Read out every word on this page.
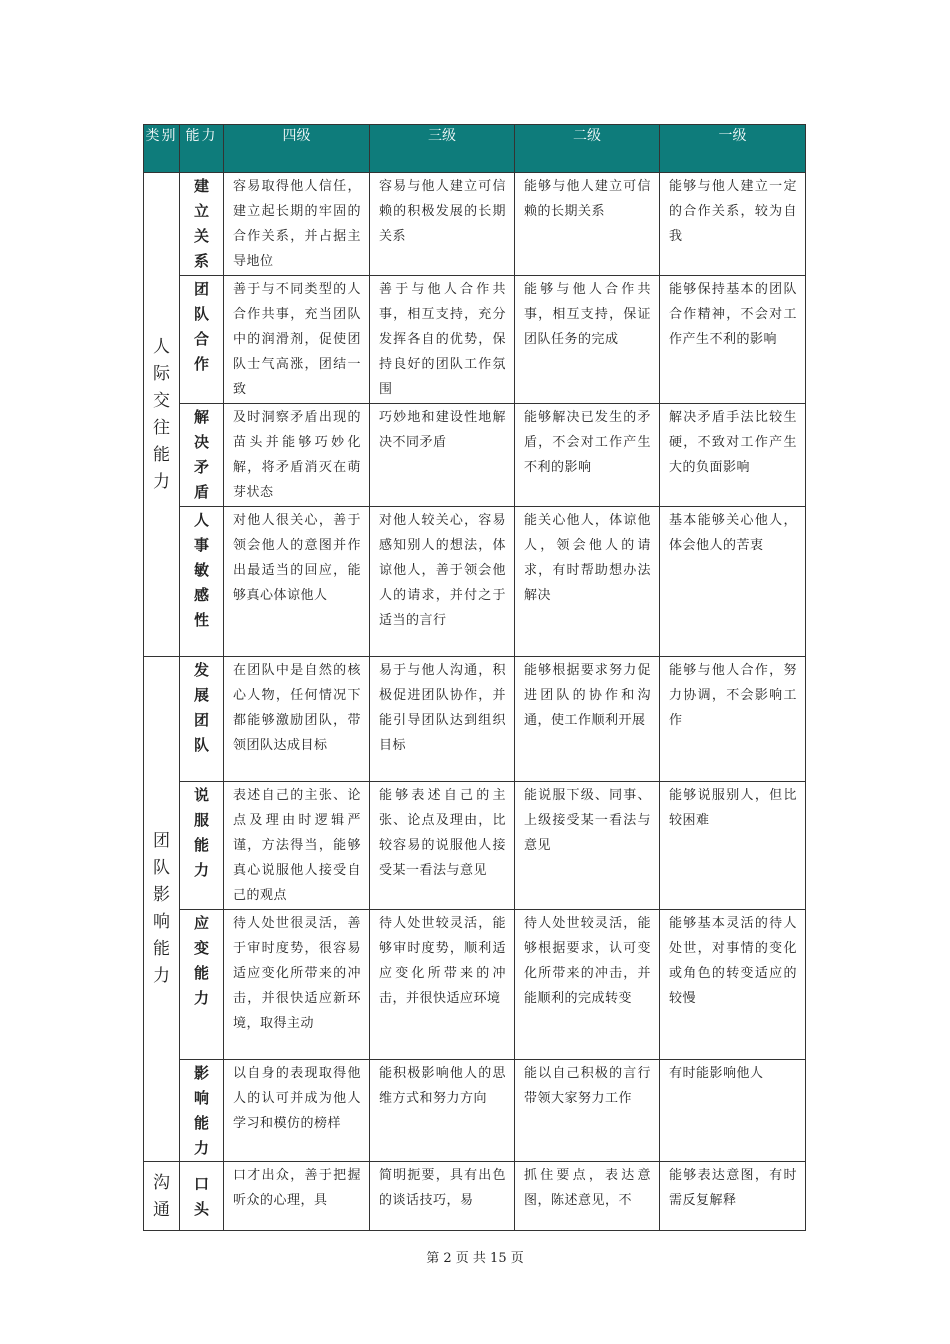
类别	能力	四级	三级	二级	一级

人际交往能力	建立关系	容易取得他人信任，建立起长期的牢固的合作关系，并占据主导地位	容易与他人建立可信赖的积极发展的长期关系	能够与他人建立可信赖的长期关系	能够与他人建立一定的合作关系，较为自我

	团队合作	善于与不同类型的人合作共事，充当团队中的润滑剂，促使团队士气高涨，团结一致	善于与他人合作共事，相互支持，充分发挥各自的优势，保持良好的团队工作氛围	能够与他人合作共事，相互支持，保证团队任务的完成	能够保持基本的团队合作精神，不会对工作产生不利的影响

	解决矛盾	及时洞察矛盾出现的苗头并能够巧妙化解，将矛盾消灭在萌芽状态	巧妙地和建设性地解决不同矛盾	能够解决已发生的矛盾，不会对工作产生不利的影响	解决矛盾手法比较生硬，不致对工作产生大的负面影响

	人事敏感性	对他人很关心，善于领会他人的意图并作出最适当的回应，能够真心体谅他人	对他人较关心，容易感知别人的想法，体谅他人，善于领会他人的请求，并付之于适当的言行	能关心他人，体谅他人，领会他人的请求，有时帮助想办法解决	基本能够关心他人，体会他人的苦衷

团队影响能力	发展团队	在团队中是自然的核心人物，任何情况下都能够激励团队，带领团队达成目标	易于与他人沟通，积极促进团队协作，并能引导团队达到组织目标	能够根据要求努力促进团队的协作和沟通，使工作顺利开展	能够与他人合作，努力协调，不会影响工作

	说服能力	表述自己的主张、论点及理由时逻辑严谨，方法得当，能够真心说服他人接受自己的观点	能够表述自己的主张、论点及理由，比较容易的说服他人接受某一看法与意见	能说服下级、同事、上级接受某一看法与意见	能够说服别人，但比较困难

	应变能力	待人处世很灵活，善于审时度势，很容易适应变化所带来的冲击，并很快适应新环境，取得主动	待人处世较灵活，能够审时度势，顺利适应变化所带来的冲击，并很快适应环境	待人处世较灵活，能够根据要求，认可变化所带来的冲击，并能顺利的完成转变	能够基本灵活的待人处世，对事情的变化或角色的转变适应的较慢

	影响能力	以自身的表现取得他人的认可并成为他人学习和模仿的榜样	能积极影响他人的思维方式和努力方向	能以自己积极的言行带领大家努力工作	有时能影响他人

沟通	口头	口才出众，善于把握听众的心理，具	简明扼要，具有出色的谈话技巧，易	抓住要点，表达意图，陈述意见，不	能够表达意图，有时需反复解释
第 2 页 共 15 页
